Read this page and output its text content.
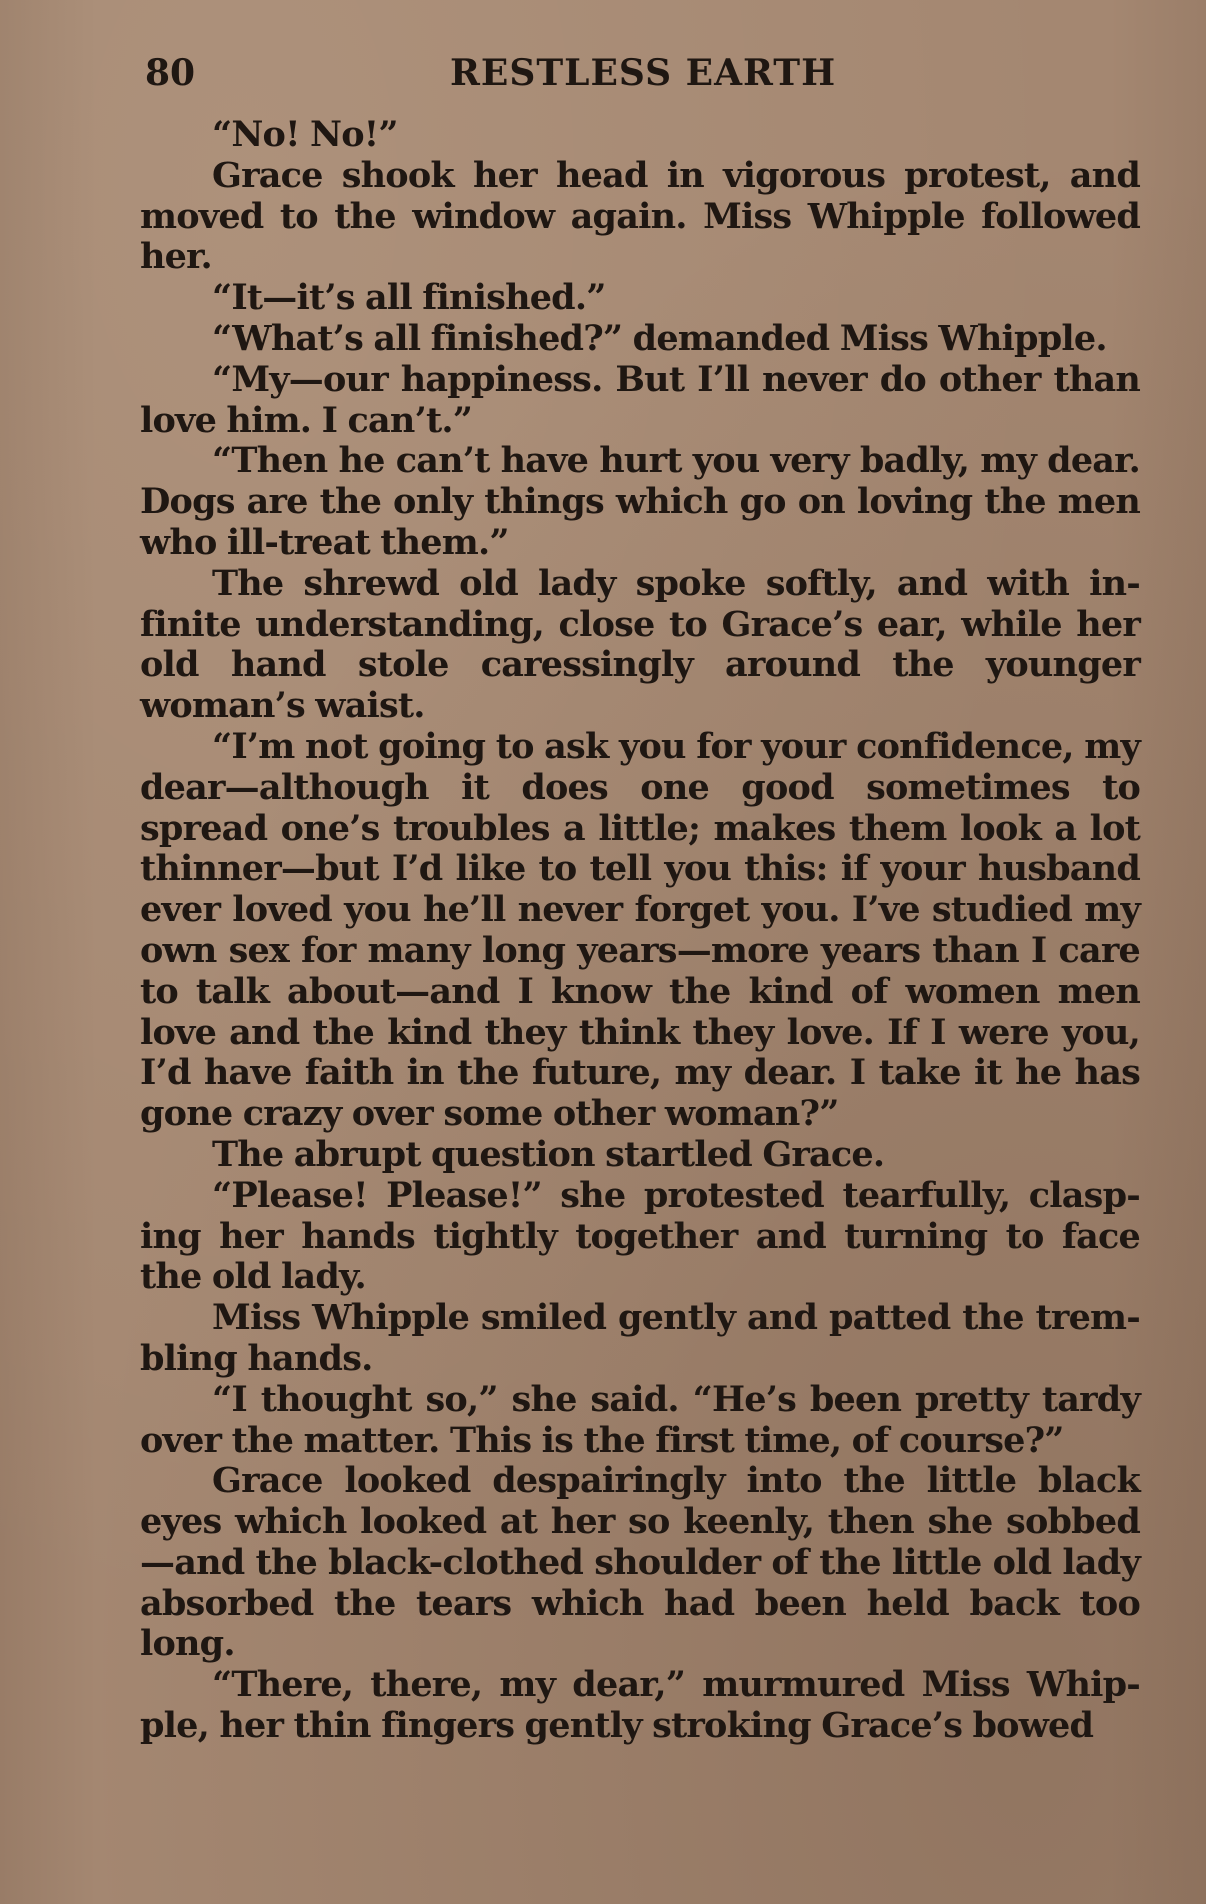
80	RESTLESS EARTH

“No! No!”

Grace shook her head in vigorous protest, and moved to the window again. Miss Whipple followed her.

“It—it’s all finished.”

“What’s all finished?” demanded Miss Whipple.

“My—our happiness. But I’ll never do other than love him. I can’t.”

“Then he can’t have hurt you very badly, my dear. Dogs are the only things which go on loving the men who ill-treat them.”

The shrewd old lady spoke softly, and with in-finite understanding, close to Grace’s ear, while her old hand stole caressingly around the younger woman’s waist.

“I’m not going to ask you for your confidence, my dear—although it does one good sometimes to spread one’s troubles a little; makes them look a lot thinner—but I’d like to tell you this: if your husband ever loved you he’ll never forget you. I’ve studied my own sex for many long years—more years than I care to talk about—and I know the kind of women men love and the kind they think they love. If I were you, I’d have faith in the future, my dear. I take it he has gone crazy over some other woman?”

The abrupt question startled Grace.

“Please! Please!” she protested tearfully, clasp-ing her hands tightly together and turning to face the old lady.

Miss Whipple smiled gently and patted the trem-bling hands.

“I thought so,” she said. “He’s been pretty tardy over the matter. This is the first time, of course?”

Grace looked despairingly into the little black eyes which looked at her so keenly, then she sobbed —and the black-clothed shoulder of the little old lady absorbed the tears which had been held back too long.

“There, there, my dear,” murmured Miss Whip-ple, her thin fingers gently stroking Grace’s bowed
